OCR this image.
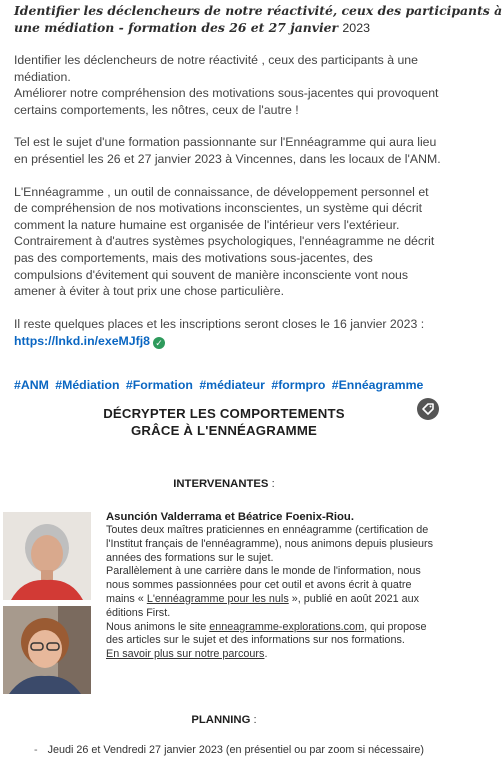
Identifier les déclencheurs de notre réactivité, ceux des participants à
une médiation - formation des 26 et 27 janvier 2023

Identifier les déclencheurs de notre réactivité , ceux des participants à une médiation.

Améliorer notre compréhension des motivations sous-jacentes qui provoquent certains comportements, les nôtres, ceux de l'autre !

Tel est le sujet d'une formation passionnante sur l'Ennéagramme qui aura lieu en présentiel les 26 et 27 janvier 2023 à Vincennes, dans les locaux de l'ANM.

L'Ennéagramme , un outil de connaissance, de développement personnel et de compréhension de nos motivations inconscientes, un système qui décrit comment la nature humaine est organisée de l'intérieur vers l'extérieur.

Contrairement à d'autres systèmes psychologiques, l'ennéagramme ne décrit pas des comportements, mais des motivations sous-jacentes, des compulsions d'évitement qui souvent de manière inconsciente vont nous amener à éviter à tout prix une chose particulière.

Il reste quelques places et les inscriptions seront closes le 16 janvier 2023 :

https://lnkd.in/exeMJfj8 ✓

#ANM #Médiation #Formation #médiateur #formpro #Ennéagramme

DÉCRYPTER LES COMPORTEMENTS
GRÂCE À L'ENNÉAGRAMME
INTERVENANTES :
Asunción Valderrama et Béatrice Foenix-Riou.
Toutes deux maîtres praticiennes en ennéagramme (certification de l'Institut français de l'ennéagramme), nous animons depuis plusieurs années des formations sur le sujet.
Parallèlement à une carrière dans le monde de l'information, nous nous sommes passionnées pour cet outil et avons écrit à quatre mains « L'ennéagramme pour les nuls », publié en août 2021 aux éditions First.
Nous animons le site enneagramme-explorations.com, qui propose des articles sur le sujet et des informations sur nos formations.
En savoir plus sur notre parcours.
PLANNING :
- Jeudi 26 et Vendredi 27 janvier 2023 (en présentiel ou par zoom si nécessaire)
